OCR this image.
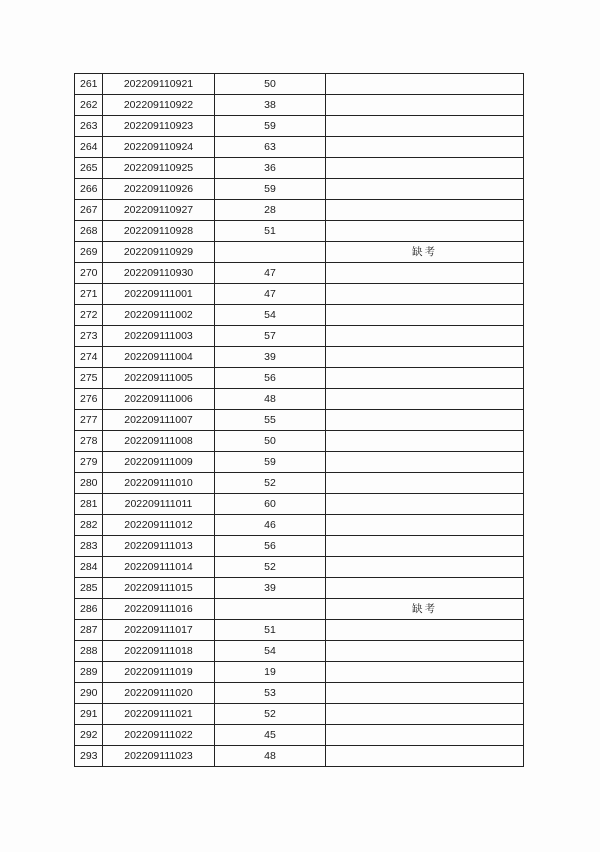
261	202209110921	50	
262	202209110922	38	
263	202209110923	59	
264	202209110924	63	
265	202209110925	36	
266	202209110926	59	
267	202209110927	28	
268	202209110928	51	
269	202209110929		缺考
270	202209110930	47	
271	202209111001	47	
272	202209111002	54	
273	202209111003	57	
274	202209111004	39	
275	202209111005	56	
276	202209111006	48	
277	202209111007	55	
278	202209111008	50	
279	202209111009	59	
280	202209111010	52	
281	202209111011	60	
282	202209111012	46	
283	202209111013	56	
284	202209111014	52	
285	202209111015	39	
286	202209111016		缺考
287	202209111017	51	
288	202209111018	54	
289	202209111019	19	
290	202209111020	53	
291	202209111021	52	
292	202209111022	45	
293	202209111023	48	
